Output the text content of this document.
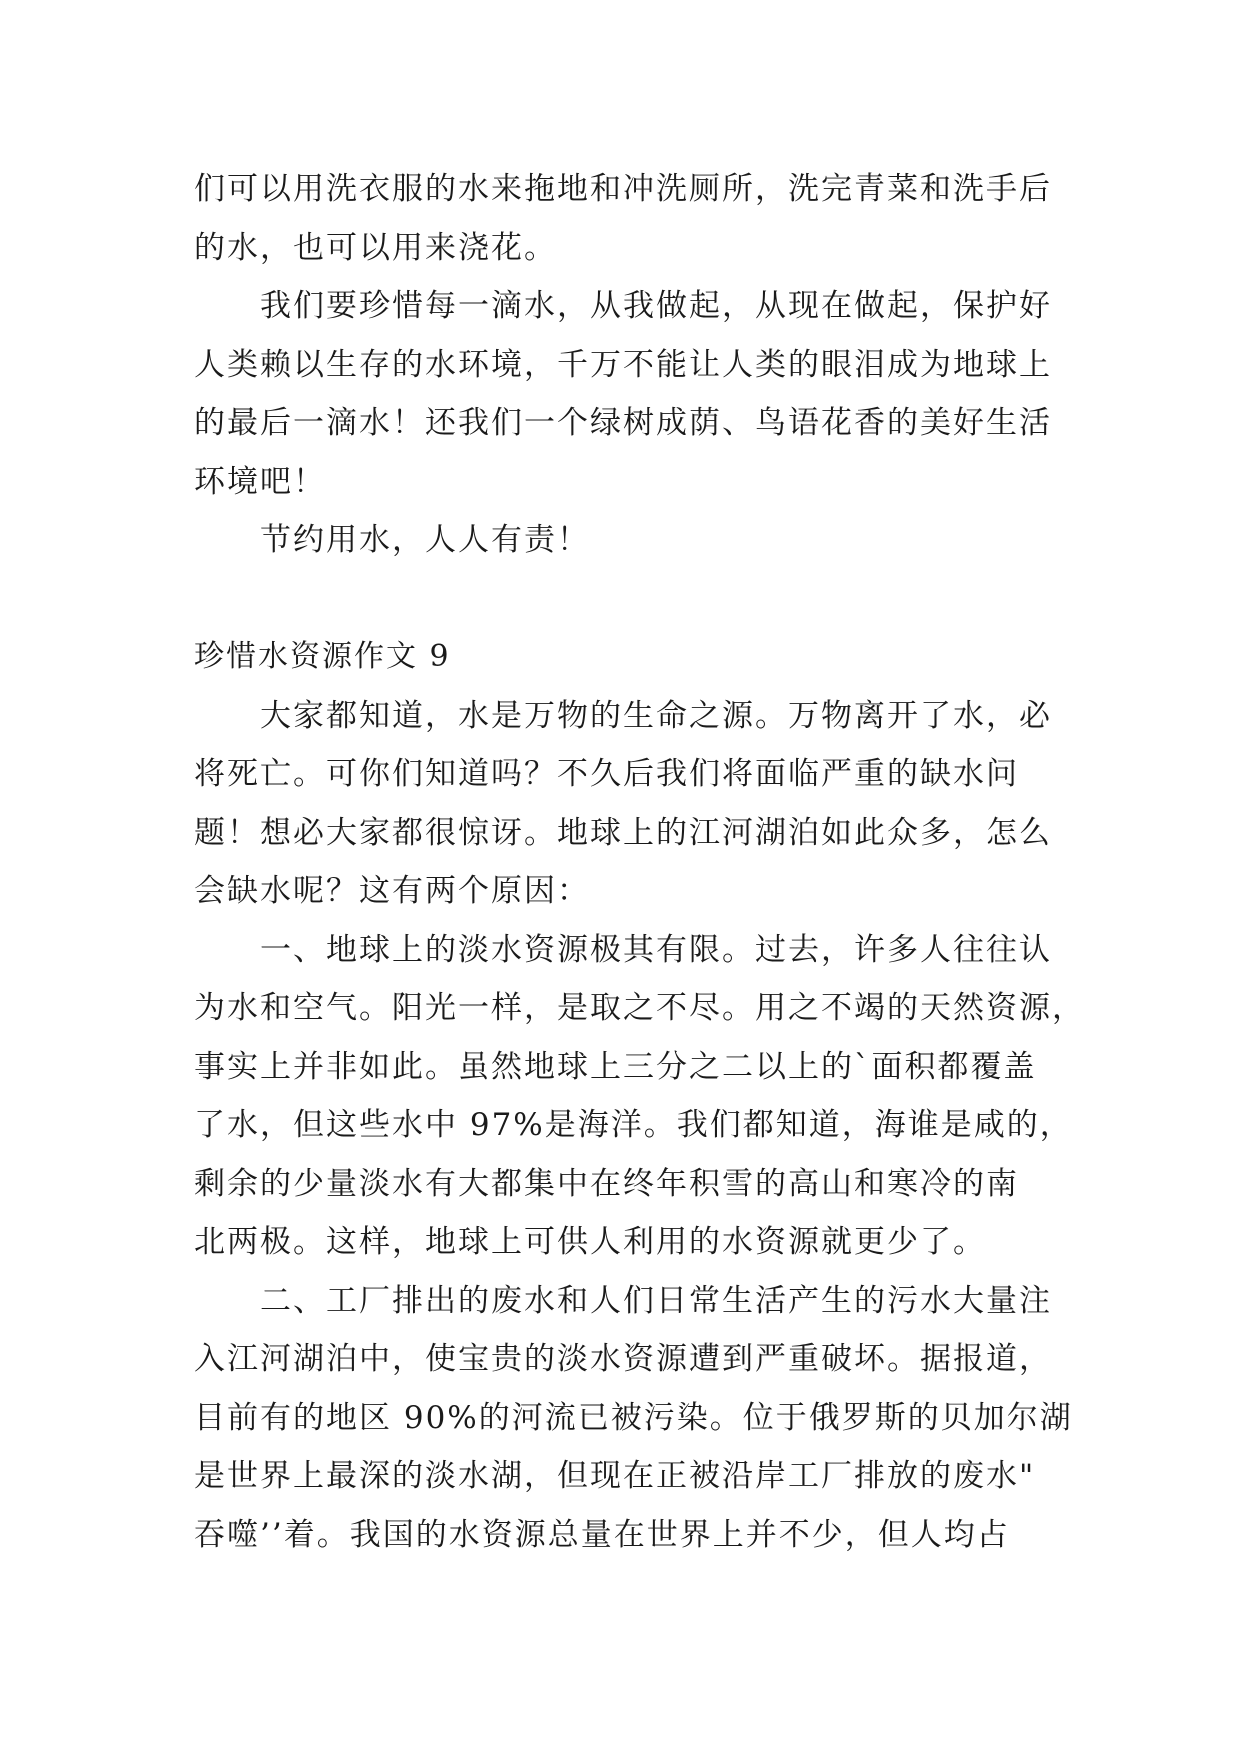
们可以用洗衣服的水来拖地和冲洗厕所，洗完青菜和洗手后
的水，也可以用来浇花。
我们要珍惜每一滴水，从我做起，从现在做起，保护好
人类赖以生存的水环境，千万不能让人类的眼泪成为地球上
的最后一滴水！还我们一个绿树成荫、鸟语花香的美好生活
环境吧！
节约用水，人人有责！
珍惜水资源作文 9
大家都知道，水是万物的生命之源。万物离开了水，必
将死亡。可你们知道吗？不久后我们将面临严重的缺水问
题！想必大家都很惊讶。地球上的江河湖泊如此众多，怎么
会缺水呢？这有两个原因：
一、地球上的淡水资源极其有限。过去，许多人往往认
为水和空气。阳光一样，是取之不尽。用之不竭的天然资源，
事实上并非如此。虽然地球上三分之二以上的`面积都覆盖
了水，但这些水中 97%是海洋。我们都知道，海谁是咸的，
剩余的少量淡水有大都集中在终年积雪的高山和寒冷的南
北两极。这样，地球上可供人利用的水资源就更少了。
二、工厂排出的废水和人们日常生活产生的污水大量注
入江河湖泊中，使宝贵的淡水资源遭到严重破坏。据报道，
目前有的地区 90%的河流已被污染。位于俄罗斯的贝加尔湖
是世界上最深的淡水湖，但现在正被沿岸工厂排放的废水"
吞噬’’着。我国的水资源总量在世界上并不少，但人均占
